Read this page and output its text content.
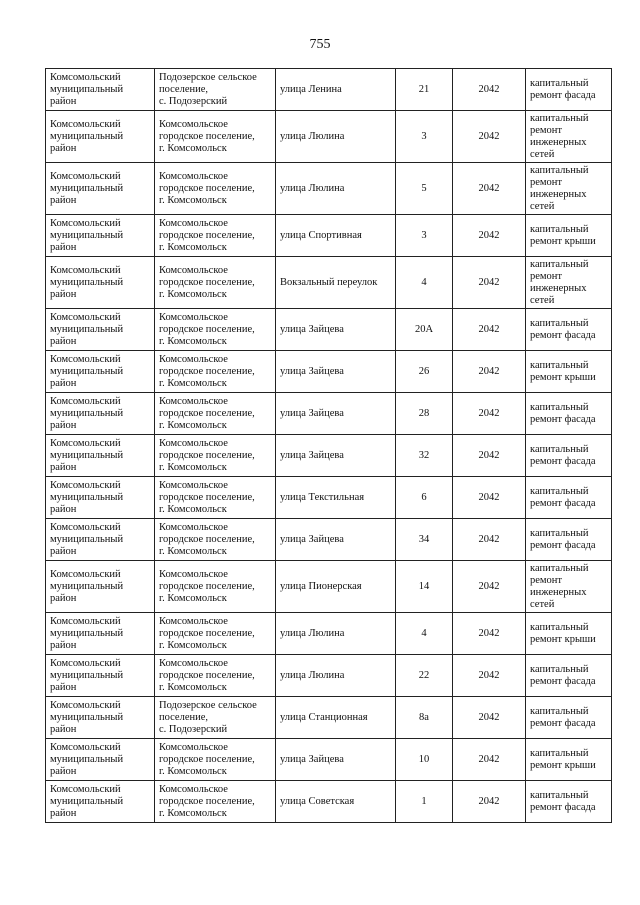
755
Комсомольский
муниципальный
район	Подозерское сельское
поселение,
с. Подозерский	улица Ленина	21	2042	капитальный
ремонт фасада

Комсомольский
муниципальный
район	Комсомольское
городское поселение,
г. Комсомольск	улица Люлина	3	2042	капитальный
ремонт
инженерных
сетей

Комсомольский
муниципальный
район	Комсомольское
городское поселение,
г. Комсомольск	улица Люлина	5	2042	капитальный
ремонт
инженерных
сетей

Комсомольский
муниципальный
район	Комсомольское
городское поселение,
г. Комсомольск	улица Спортивная	3	2042	капитальный
ремонт крыши

Комсомольский
муниципальный
район	Комсомольское
городское поселение,
г. Комсомольск	Вокзальный переулок	4	2042	капитальный
ремонт
инженерных
сетей

Комсомольский
муниципальный
район	Комсомольское
городское поселение,
г. Комсомольск	улица Зайцева	20А	2042	капитальный
ремонт фасада

Комсомольский
муниципальный
район	Комсомольское
городское поселение,
г. Комсомольск	улица Зайцева	26	2042	капитальный
ремонт крыши

Комсомольский
муниципальный
район	Комсомольское
городское поселение,
г. Комсомольск	улица Зайцева	28	2042	капитальный
ремонт фасада

Комсомольский
муниципальный
район	Комсомольское
городское поселение,
г. Комсомольск	улица Зайцева	32	2042	капитальный
ремонт фасада

Комсомольский
муниципальный
район	Комсомольское
городское поселение,
г. Комсомольск	улица Текстильная	6	2042	капитальный
ремонт фасада

Комсомольский
муниципальный
район	Комсомольское
городское поселение,
г. Комсомольск	улица Зайцева	34	2042	капитальный
ремонт фасада

Комсомольский
муниципальный
район	Комсомольское
городское поселение,
г. Комсомольск	улица Пионерская	14	2042	капитальный
ремонт
инженерных
сетей

Комсомольский
муниципальный
район	Комсомольское
городское поселение,
г. Комсомольск	улица Люлина	4	2042	капитальный
ремонт крыши

Комсомольский
муниципальный
район	Комсомольское
городское поселение,
г. Комсомольск	улица Люлина	22	2042	капитальный
ремонт фасада

Комсомольский
муниципальный
район	Подозерское сельское
поселение,
с. Подозерский	улица Станционная	8а	2042	капитальный
ремонт фасада

Комсомольский
муниципальный
район	Комсомольское
городское поселение,
г. Комсомольск	улица Зайцева	10	2042	капитальный
ремонт крыши

Комсомольский
муниципальный
район	Комсомольское
городское поселение,
г. Комсомольск	улица Советская	1	2042	капитальный
ремонт фасада
